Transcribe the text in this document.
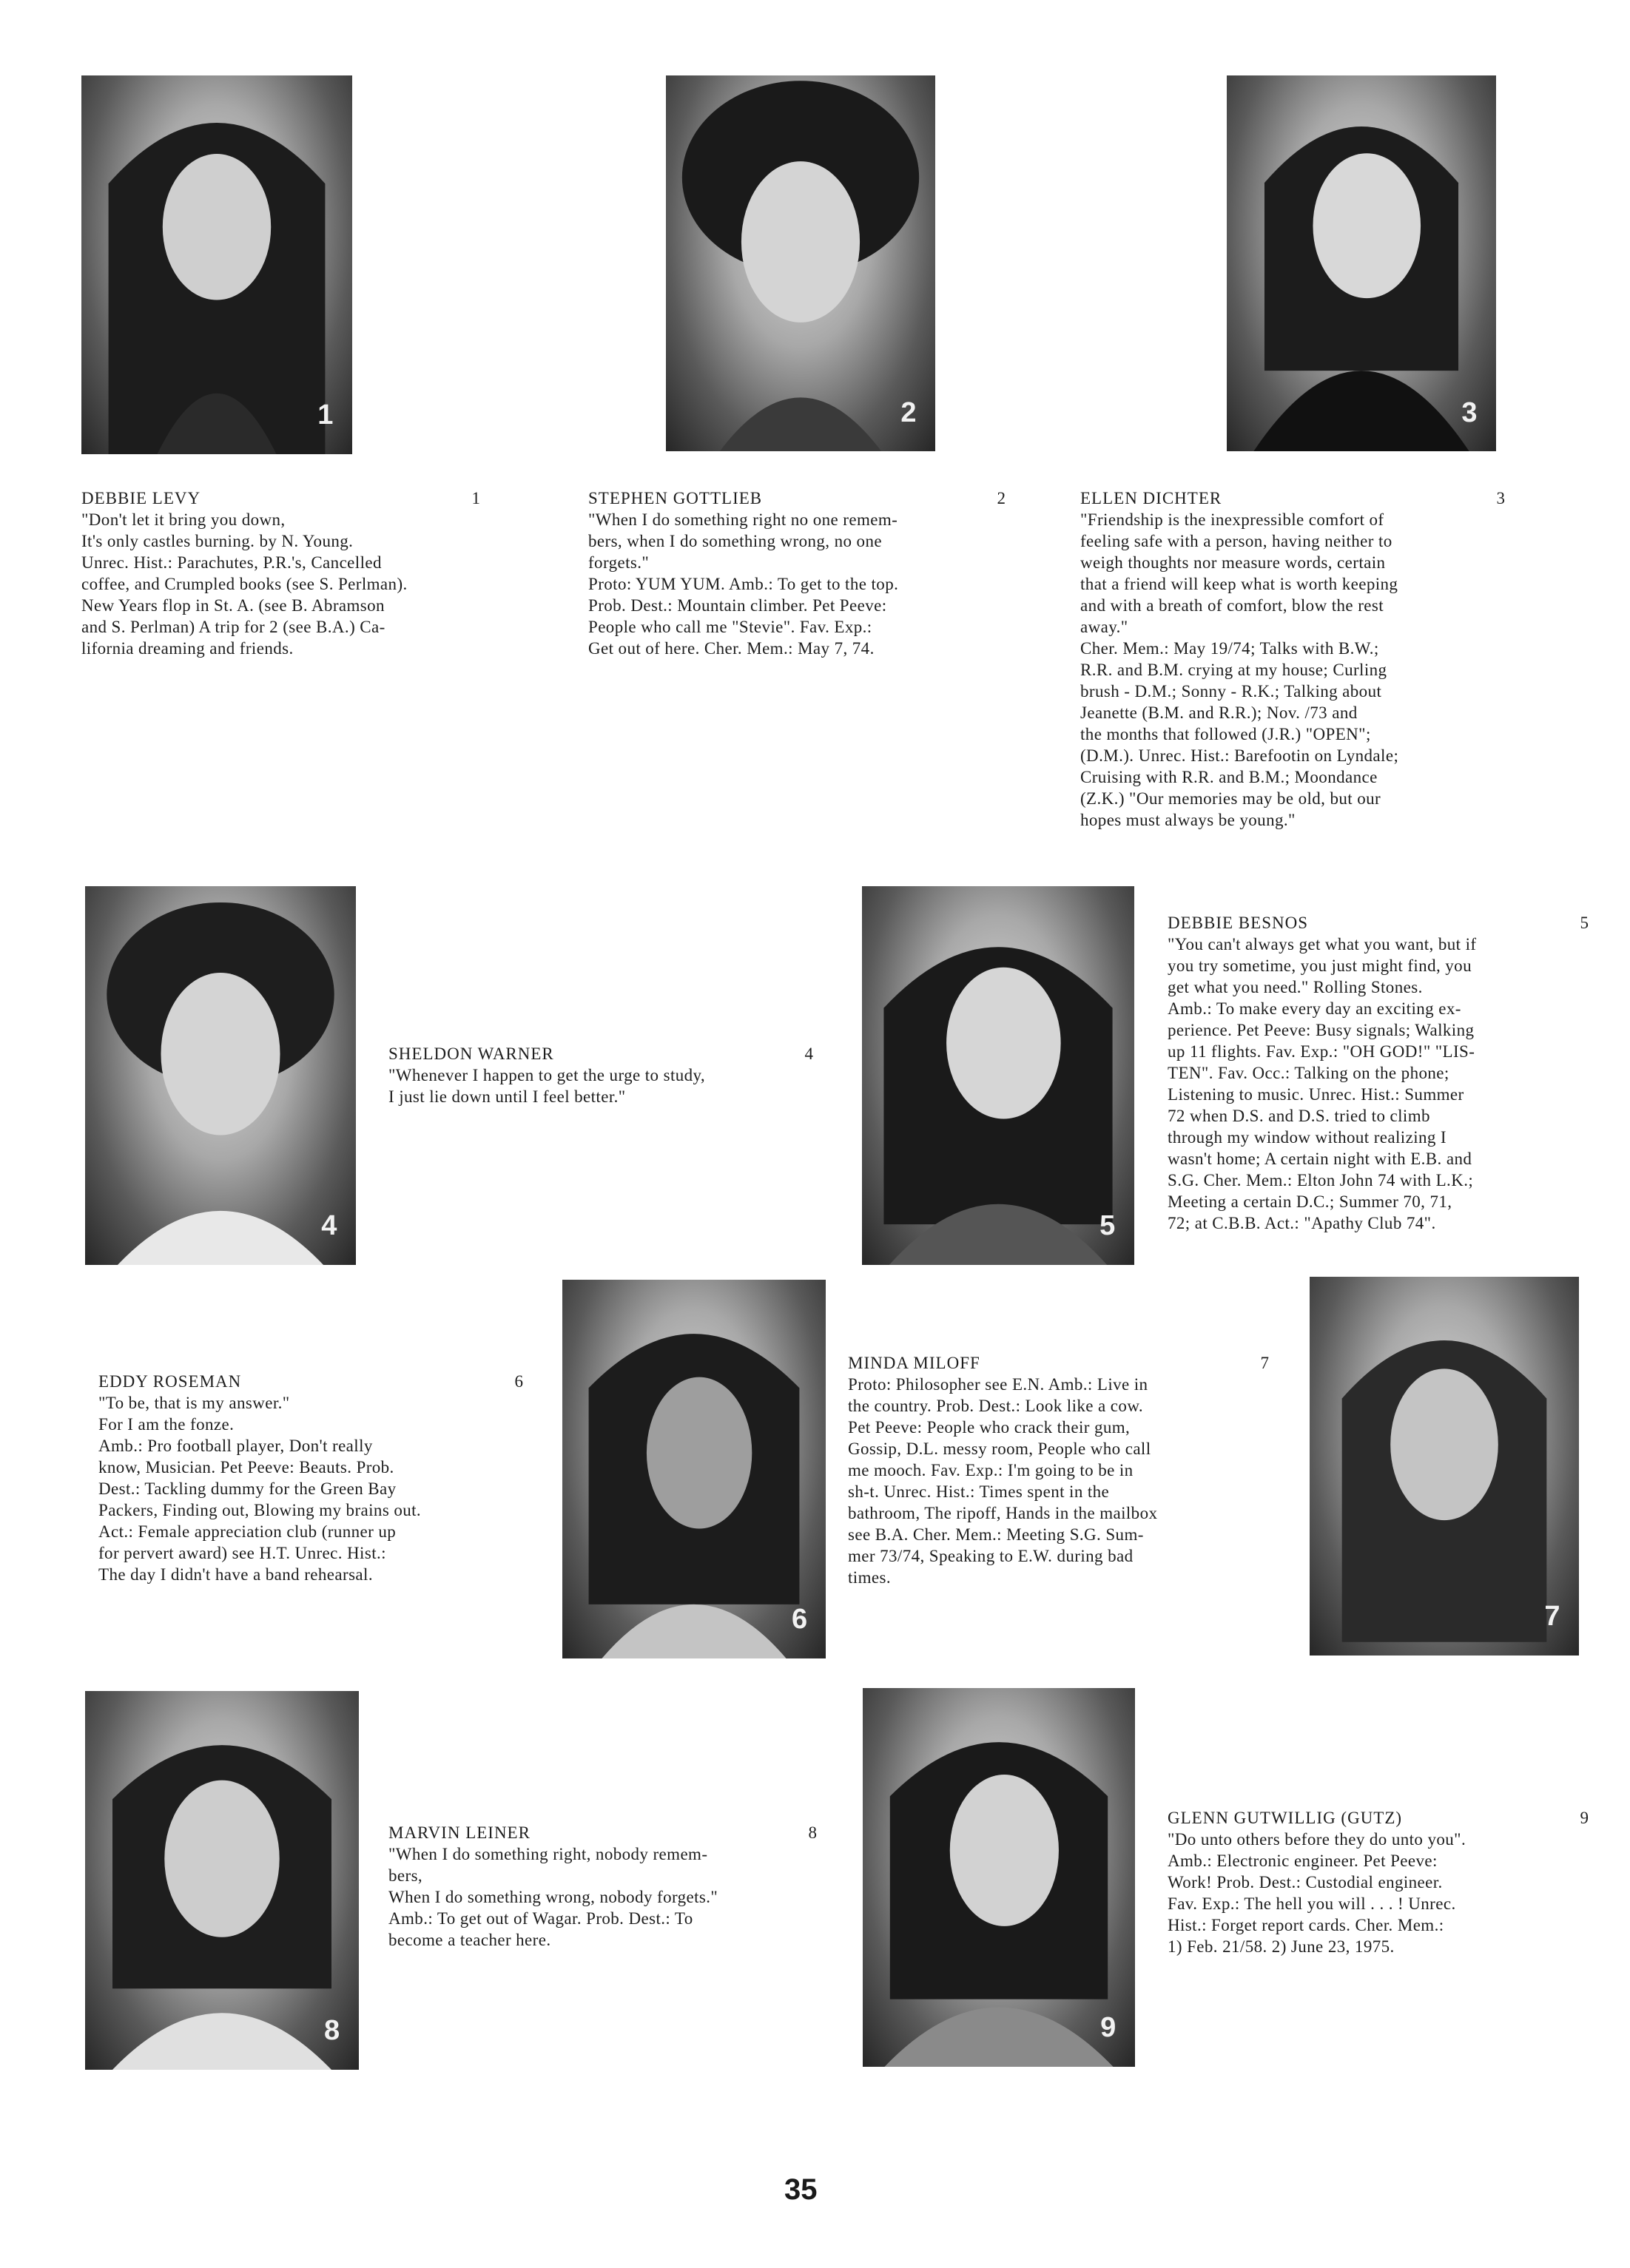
1	2	3
DEBBIE LEVY	1
"Don't let it bring you down,
It's only castles burning. by N. Young.
Unrec. Hist.: Parachutes, P.R.'s, Cancelled
coffee, and Crumpled books (see S. Perlman).
New Years flop in St. A. (see B. Abramson
and S. Perlman) A trip for 2 (see B.A.) Ca-
lifornia dreaming and friends.
STEPHEN GOTTLIEB	2
"When I do something right no one remem-
bers, when I do something wrong, no one
forgets."
Proto: YUM YUM. Amb.: To get to the top.
Prob. Dest.: Mountain climber. Pet Peeve:
People who call me "Stevie". Fav. Exp.:
Get out of here. Cher. Mem.: May 7, 74.
ELLEN DICHTER	3
"Friendship is the inexpressible comfort of
feeling safe with a person, having neither to
weigh thoughts nor measure words, certain
that a friend will keep what is worth keeping
and with a breath of comfort, blow the rest
away."
Cher. Mem.: May 19/74; Talks with B.W.;
R.R. and B.M. crying at my house; Curling
brush - D.M.; Sonny - R.K.; Talking about
Jeanette (B.M. and R.R.); Nov. /73 and
the months that followed (J.R.) "OPEN";
(D.M.). Unrec. Hist.: Barefootin on Lyndale;
Cruising with R.R. and B.M.; Moondance
(Z.K.) "Our memories may be old, but our
hopes must always be young."
4
SHELDON WARNER	4
"Whenever I happen to get the urge to study,
I just lie down until I feel better."
5
DEBBIE BESNOS	5
"You can't always get what you want, but if
you try sometime, you just might find, you
get what you need." Rolling Stones.
Amb.: To make every day an exciting ex-
perience. Pet Peeve: Busy signals; Walking
up 11 flights. Fav. Exp.: "OH GOD!" "LIS-
TEN". Fav. Occ.: Talking on the phone;
Listening to music. Unrec. Hist.: Summer
72 when D.S. and D.S. tried to climb
through my window without realizing I
wasn't home; A certain night with E.B. and
S.G. Cher. Mem.: Elton John 74 with L.K.;
Meeting a certain D.C.; Summer 70, 71,
72; at C.B.B. Act.: "Apathy Club 74".
EDDY ROSEMAN	6
"To be, that is my answer."
For I am the fonze.
Amb.: Pro football player, Don't really
know, Musician. Pet Peeve: Beauts. Prob.
Dest.: Tackling dummy for the Green Bay
Packers, Finding out, Blowing my brains out.
Act.: Female appreciation club (runner up
for pervert award) see H.T. Unrec. Hist.:
The day I didn't have a band rehearsal.
6
MINDA MILOFF	7
Proto: Philosopher see E.N. Amb.: Live in
the country. Prob. Dest.: Look like a cow.
Pet Peeve: People who crack their gum,
Gossip, D.L. messy room, People who call
me mooch. Fav. Exp.: I'm going to be in
sh-t. Unrec. Hist.: Times spent in the
bathroom, The ripoff, Hands in the mailbox
see B.A. Cher. Mem.: Meeting S.G. Sum-
mer 73/74, Speaking to E.W. during bad
times.
7
8
MARVIN LEINER	8
"When I do something right, nobody remem-
bers,
When I do something wrong, nobody forgets."
Amb.: To get out of Wagar. Prob. Dest.: To
become a teacher here.
9
GLENN GUTWILLIG (GUTZ)	9
"Do unto others before they do unto you".
Amb.: Electronic engineer. Pet Peeve:
Work! Prob. Dest.: Custodial engineer.
Fav. Exp.: The hell you will . . . ! Unrec.
Hist.: Forget report cards. Cher. Mem.:
1) Feb. 21/58. 2) June 23, 1975.
35
